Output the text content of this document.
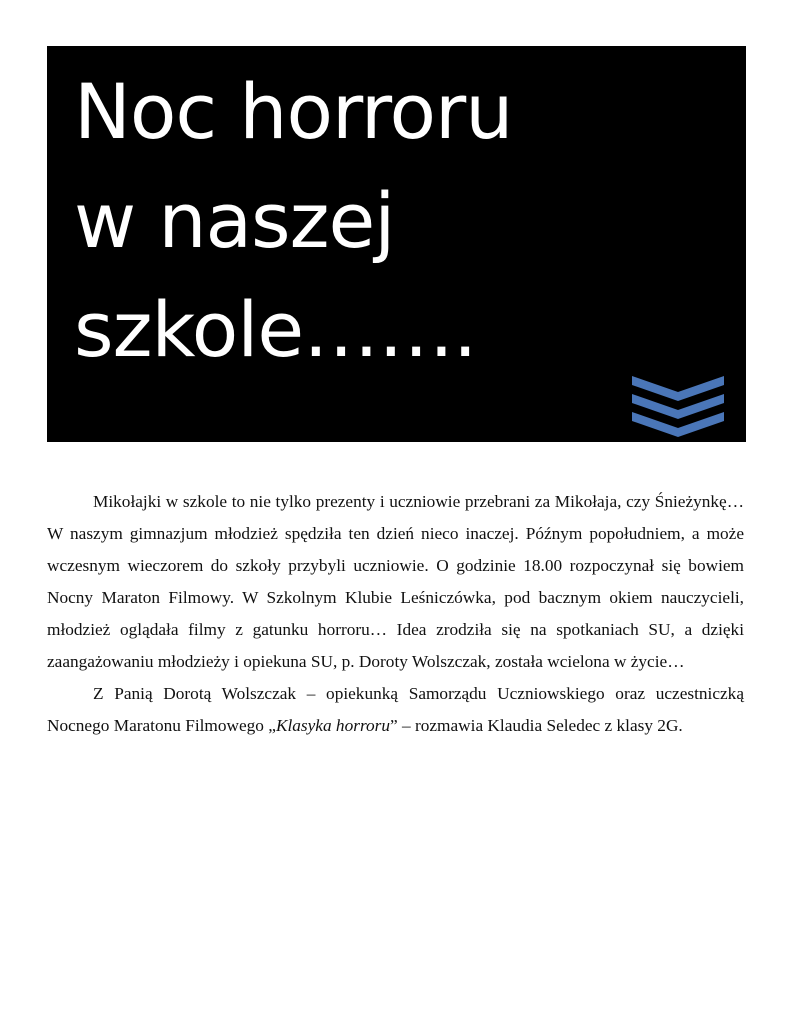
Noc horroru
w naszej
szkole…….

Mikołajki w szkole to nie tylko prezenty i uczniowie przebrani za Mikołaja, czy Śnieżynkę… W naszym gimnazjum młodzież spędziła ten dzień nieco inaczej. Późnym popołudniem, a może wczesnym wieczorem do szkoły przybyli uczniowie. O godzinie 18.00 rozpoczynał się bowiem Nocny Maraton Filmowy. W Szkolnym Klubie Leśniczówka, pod bacznym okiem nauczycieli, młodzież oglądała filmy z gatunku horroru… Idea zrodziła się na spotkaniach SU, a dzięki zaangażowaniu młodzieży i opiekuna SU, p. Doroty Wolszczak, została wcielona w życie…

Z Panią Dorotą Wolszczak – opiekunką Samorządu Uczniowskiego oraz uczestniczką Nocnego Maratonu Filmowego „Klasyka horroru” – rozmawia Klaudia Seledec z klasy 2G.
